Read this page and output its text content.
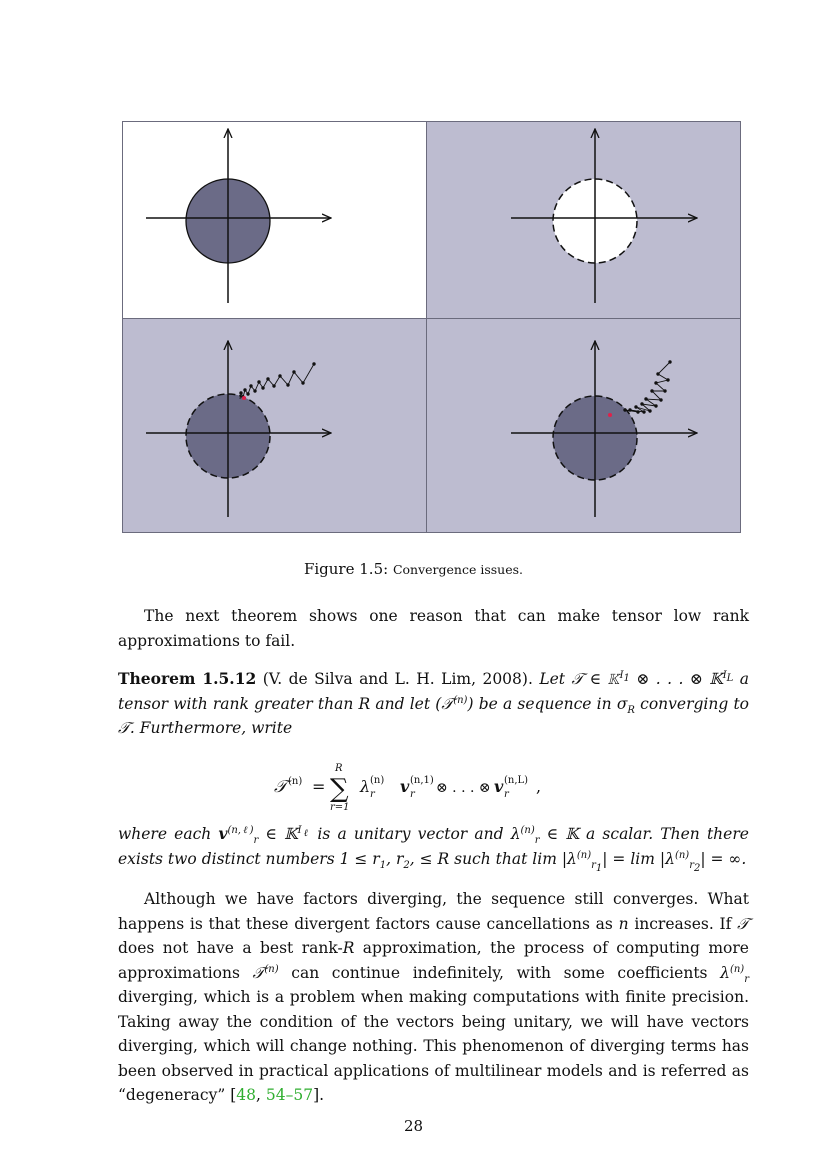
Figure 1.5: Convergence issues.
The next theorem shows one reason that can make tensor low rank approximations to fail.
Theorem 1.5.12 (V. de Silva and L. H. Lim, 2008). Let 𝒯 ∈ 𝕂$^{I_1}$ ⊗ . . . ⊗ 𝕂$^{I_L}$ a tensor with rank greater than R and let (𝒯$^{(n)}$) be a sequence in $\sigma_R$ converging to 𝒯. Furthermore, write
𝒯 (n) = ∑
R
r=1
λ (n)
r v (n,1)
r ⊗ . . . ⊗ v (n,L)
r ,
where each $v^{(n,\ell)}_r$ ∈ 𝕂$^{I_\ell}$ is a unitary vector and $\lambda^{(n)}_r$ ∈ 𝕂 a scalar. Then there exists two distinct numbers $1 \le r_1$, $r_2$, ≤ R such that $\lim |\lambda^{(n)}_{r_1}| = \lim |\lambda^{(n)}_{r_2}|$ = ∞.
Although we have factors diverging, the sequence still converges. What happens is that these divergent factors cause cancellations as n increases. If 𝒯 does not have a best rank-R approximation, the process of computing more approximations 𝒯$^{(n)}$ can continue indefinitely, with some coefficients $\lambda^{(n)}_r$ diverging, which is a problem when making computations with finite precision. Taking away the condition of the vectors being unitary, we will have vectors diverging, which will change nothing. This phenomenon of diverging terms has been observed in practical applications of multilinear models and is referred as “degeneracy” [48, 54–57].
28
